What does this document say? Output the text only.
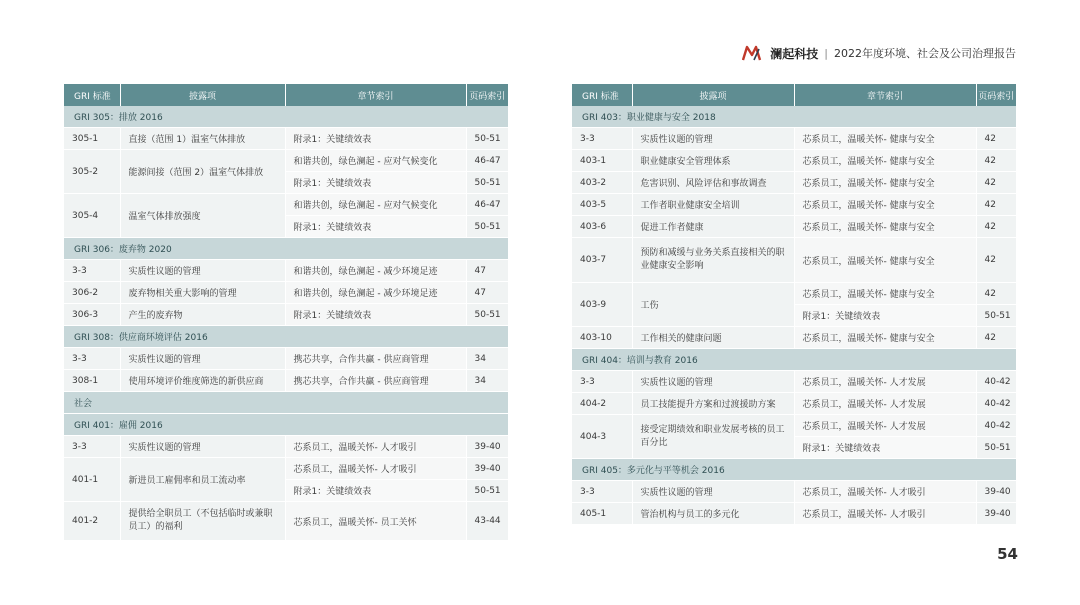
澜起科技 | 2022年度环境、社会及公司治理报告
GRI 标准	披露项	章节索引	页码索引
GRI 305：排放 2016			
305-1	直接（范围 1）温室气体排放	附录1：关键绩效表	50-51
305-2	能源间接（范围 2）温室气体排放	和谐共创，绿色澜起 - 应对气候变化	46-47
		附录1：关键绩效表	50-51
305-4	温室气体排放强度	和谐共创，绿色澜起 - 应对气候变化	46-47
		附录1：关键绩效表	50-51
GRI 306：废弃物 2020			
3-3	实质性议题的管理	和谐共创，绿色澜起 - 减少环境足迹	47
306-2	废弃物相关重大影响的管理	和谐共创，绿色澜起 - 减少环境足迹	47
306-3	产生的废弃物	附录1：关键绩效表	50-51
GRI 308：供应商环境评估 2016			
3-3	实质性议题的管理	携芯共享，合作共赢 - 供应商管理	34
308-1	使用环境评价维度筛选的新供应商	携芯共享，合作共赢 - 供应商管理	34
社会			
GRI 401：雇佣 2016			
3-3	实质性议题的管理	芯系员工，温暖关怀- 人才吸引	39-40
401-1	新进员工雇佣率和员工流动率	芯系员工，温暖关怀- 人才吸引	39-40
		附录1：关键绩效表	50-51
401-2	提供给全职员工（不包括临时或兼职员工）的福利	芯系员工，温暖关怀- 员工关怀	43-44
GRI 标准	披露项	章节索引	页码索引
GRI 403：职业健康与安全 2018			
3-3	实质性议题的管理	芯系员工，温暖关怀- 健康与安全	42
403-1	职业健康安全管理体系	芯系员工，温暖关怀- 健康与安全	42
403-2	危害识别、风险评估和事故调查	芯系员工，温暖关怀- 健康与安全	42
403-5	工作者职业健康安全培训	芯系员工，温暖关怀- 健康与安全	42
403-6	促进工作者健康	芯系员工，温暖关怀- 健康与安全	42
403-7	预防和减缓与业务关系直接相关的职业健康安全影响	芯系员工，温暖关怀- 健康与安全	42
403-9	工伤	芯系员工，温暖关怀- 健康与安全	42
		附录1：关键绩效表	50-51
403-10	工作相关的健康问题	芯系员工，温暖关怀- 健康与安全	42
GRI 404：培训与教育 2016			
3-3	实质性议题的管理	芯系员工，温暖关怀- 人才发展	40-42
404-2	员工技能提升方案和过渡援助方案	芯系员工，温暖关怀- 人才发展	40-42
404-3	接受定期绩效和职业发展考核的员工百分比	芯系员工，温暖关怀- 人才发展	40-42
		附录1：关键绩效表	50-51
GRI 405：多元化与平等机会 2016			
3-3	实质性议题的管理	芯系员工，温暖关怀- 人才吸引	39-40
405-1	管治机构与员工的多元化	芯系员工，温暖关怀- 人才吸引	39-40
54
